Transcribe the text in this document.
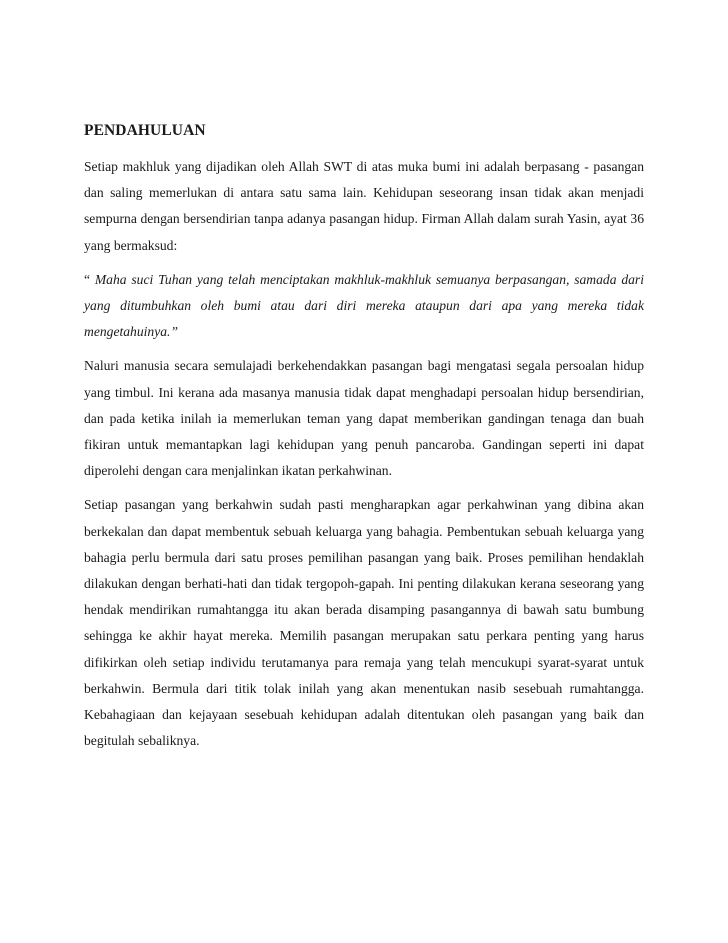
PENDAHULUAN

Setiap makhluk yang dijadikan oleh Allah SWT di atas muka bumi ini adalah berpasang - pasangan dan saling memerlukan di antara satu sama lain. Kehidupan seseorang insan tidak akan menjadi sempurna dengan bersendirian tanpa adanya pasangan hidup. Firman Allah dalam surah Yasin, ayat 36 yang bermaksud:

“ Maha suci Tuhan yang telah menciptakan makhluk-makhluk semuanya berpasangan, samada dari yang ditumbuhkan oleh bumi atau dari diri mereka ataupun dari apa yang mereka tidak mengetahuinya.”

Naluri manusia secara semulajadi berkehendakkan pasangan bagi mengatasi segala persoalan hidup yang timbul. Ini kerana ada masanya manusia tidak dapat menghadapi persoalan hidup bersendirian, dan pada ketika inilah ia memerlukan teman yang dapat memberikan gandingan tenaga dan buah fikiran untuk memantapkan lagi kehidupan yang penuh pancaroba. Gandingan seperti ini dapat diperolehi dengan cara menjalinkan ikatan perkahwinan.

Setiap pasangan yang berkahwin sudah pasti mengharapkan agar perkahwinan yang dibina akan berkekalan dan dapat membentuk sebuah keluarga yang bahagia. Pembentukan sebuah keluarga yang bahagia perlu bermula dari satu proses pemilihan pasangan yang baik. Proses pemilihan hendaklah dilakukan dengan berhati-hati dan tidak tergopoh-gapah. Ini penting dilakukan kerana seseorang yang hendak mendirikan rumahtangga itu akan berada disamping pasangannya di bawah satu bumbung sehingga ke akhir hayat mereka. Memilih pasangan merupakan satu perkara penting yang harus difikirkan oleh setiap individu terutamanya para remaja yang telah mencukupi syarat-syarat untuk berkahwin. Bermula dari titik tolak inilah yang akan menentukan nasib sesebuah rumahtangga. Kebahagiaan dan kejayaan sesebuah kehidupan adalah ditentukan oleh pasangan yang baik dan begitulah sebaliknya.
